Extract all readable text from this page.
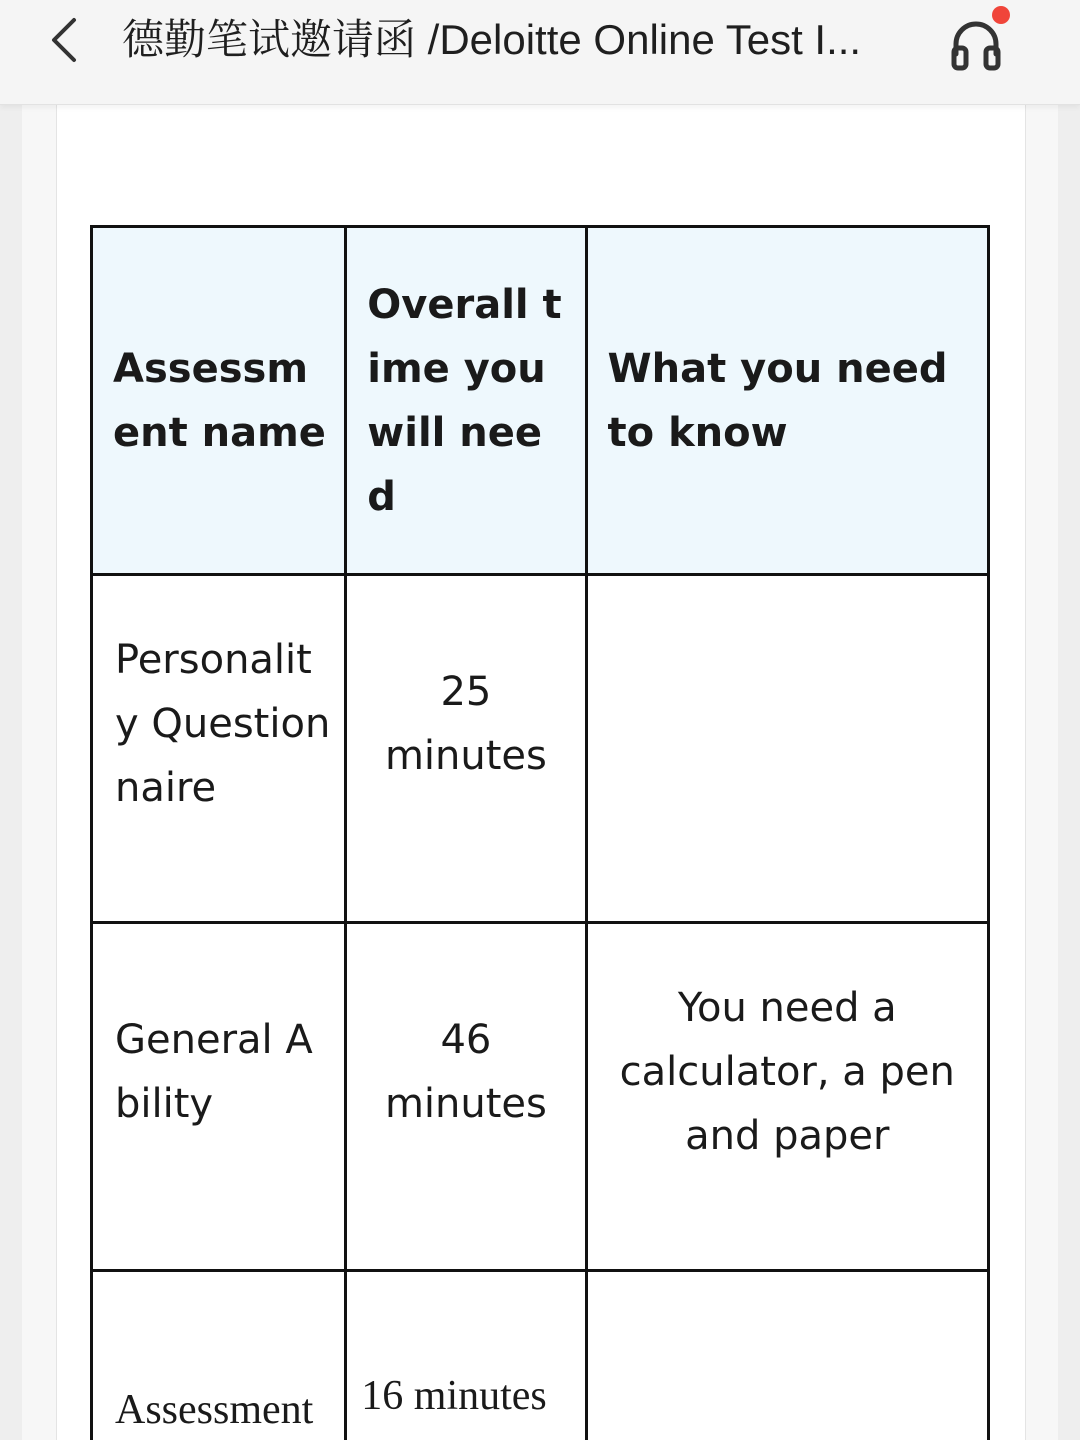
德勤笔试邀请函 /Deloitte Online Test I...
Assessment name	Overall time you will need	What you need to know

Personality Questionnaire	25 minutes	

General Ability	46 minutes	You need a calculator, a pen and paper

Assessment	16 minutes	
